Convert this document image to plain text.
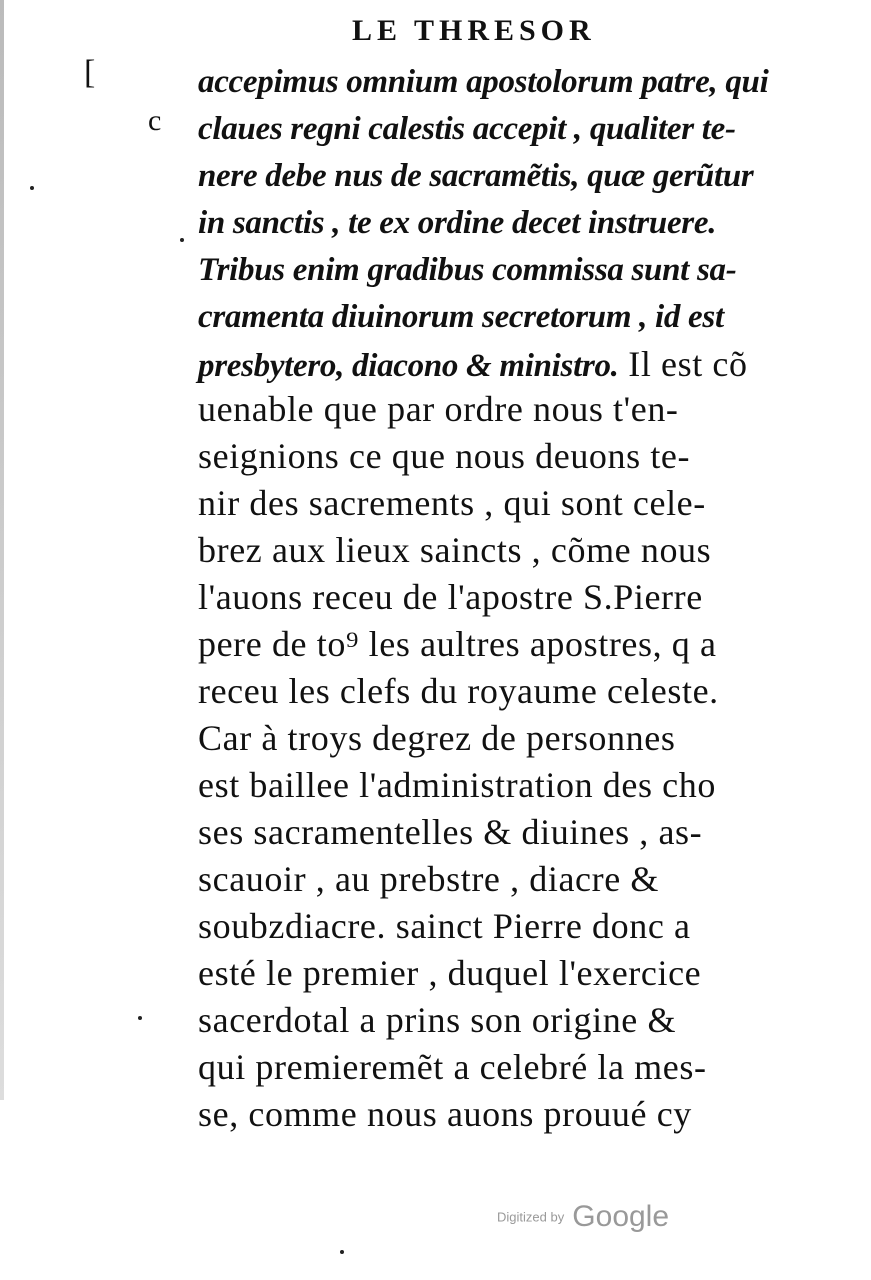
LE THRESOR
[
c
accepimus omnium apostolorum patre, qui
claues regni calestis accepit , qualiter te-
nere debe nus de sacramẽtis, quæ gerũtur
in sanctis , te ex ordine decet instruere.
Tribus enim gradibus commissa sunt sa-
cramenta diuinorum secretorum , id est
presbytero, diacono & ministro. Il est cõ
uenable que par ordre nous t'en-
seignions ce que nous deuons te-
nir des sacrements , qui sont cele-
brez aux lieux saincts , cõme nous
l'auons receu de l'apostre S.Pierre
pere de to⁹ les aultres apostres, q a
receu les clefs du royaume celeste.
Car à troys degrez de personnes
est baillee l'administration des cho
ses sacramentelles & diuines , as-
scauoir , au prebstre , diacre &
soubzdiacre. sainct Pierre donc a
esté le premier , duquel l'exercice
sacerdotal a prins son origine &
qui premieremẽt a celebré la mes-
se, comme nous auons prouué cy
Digitized by Google
